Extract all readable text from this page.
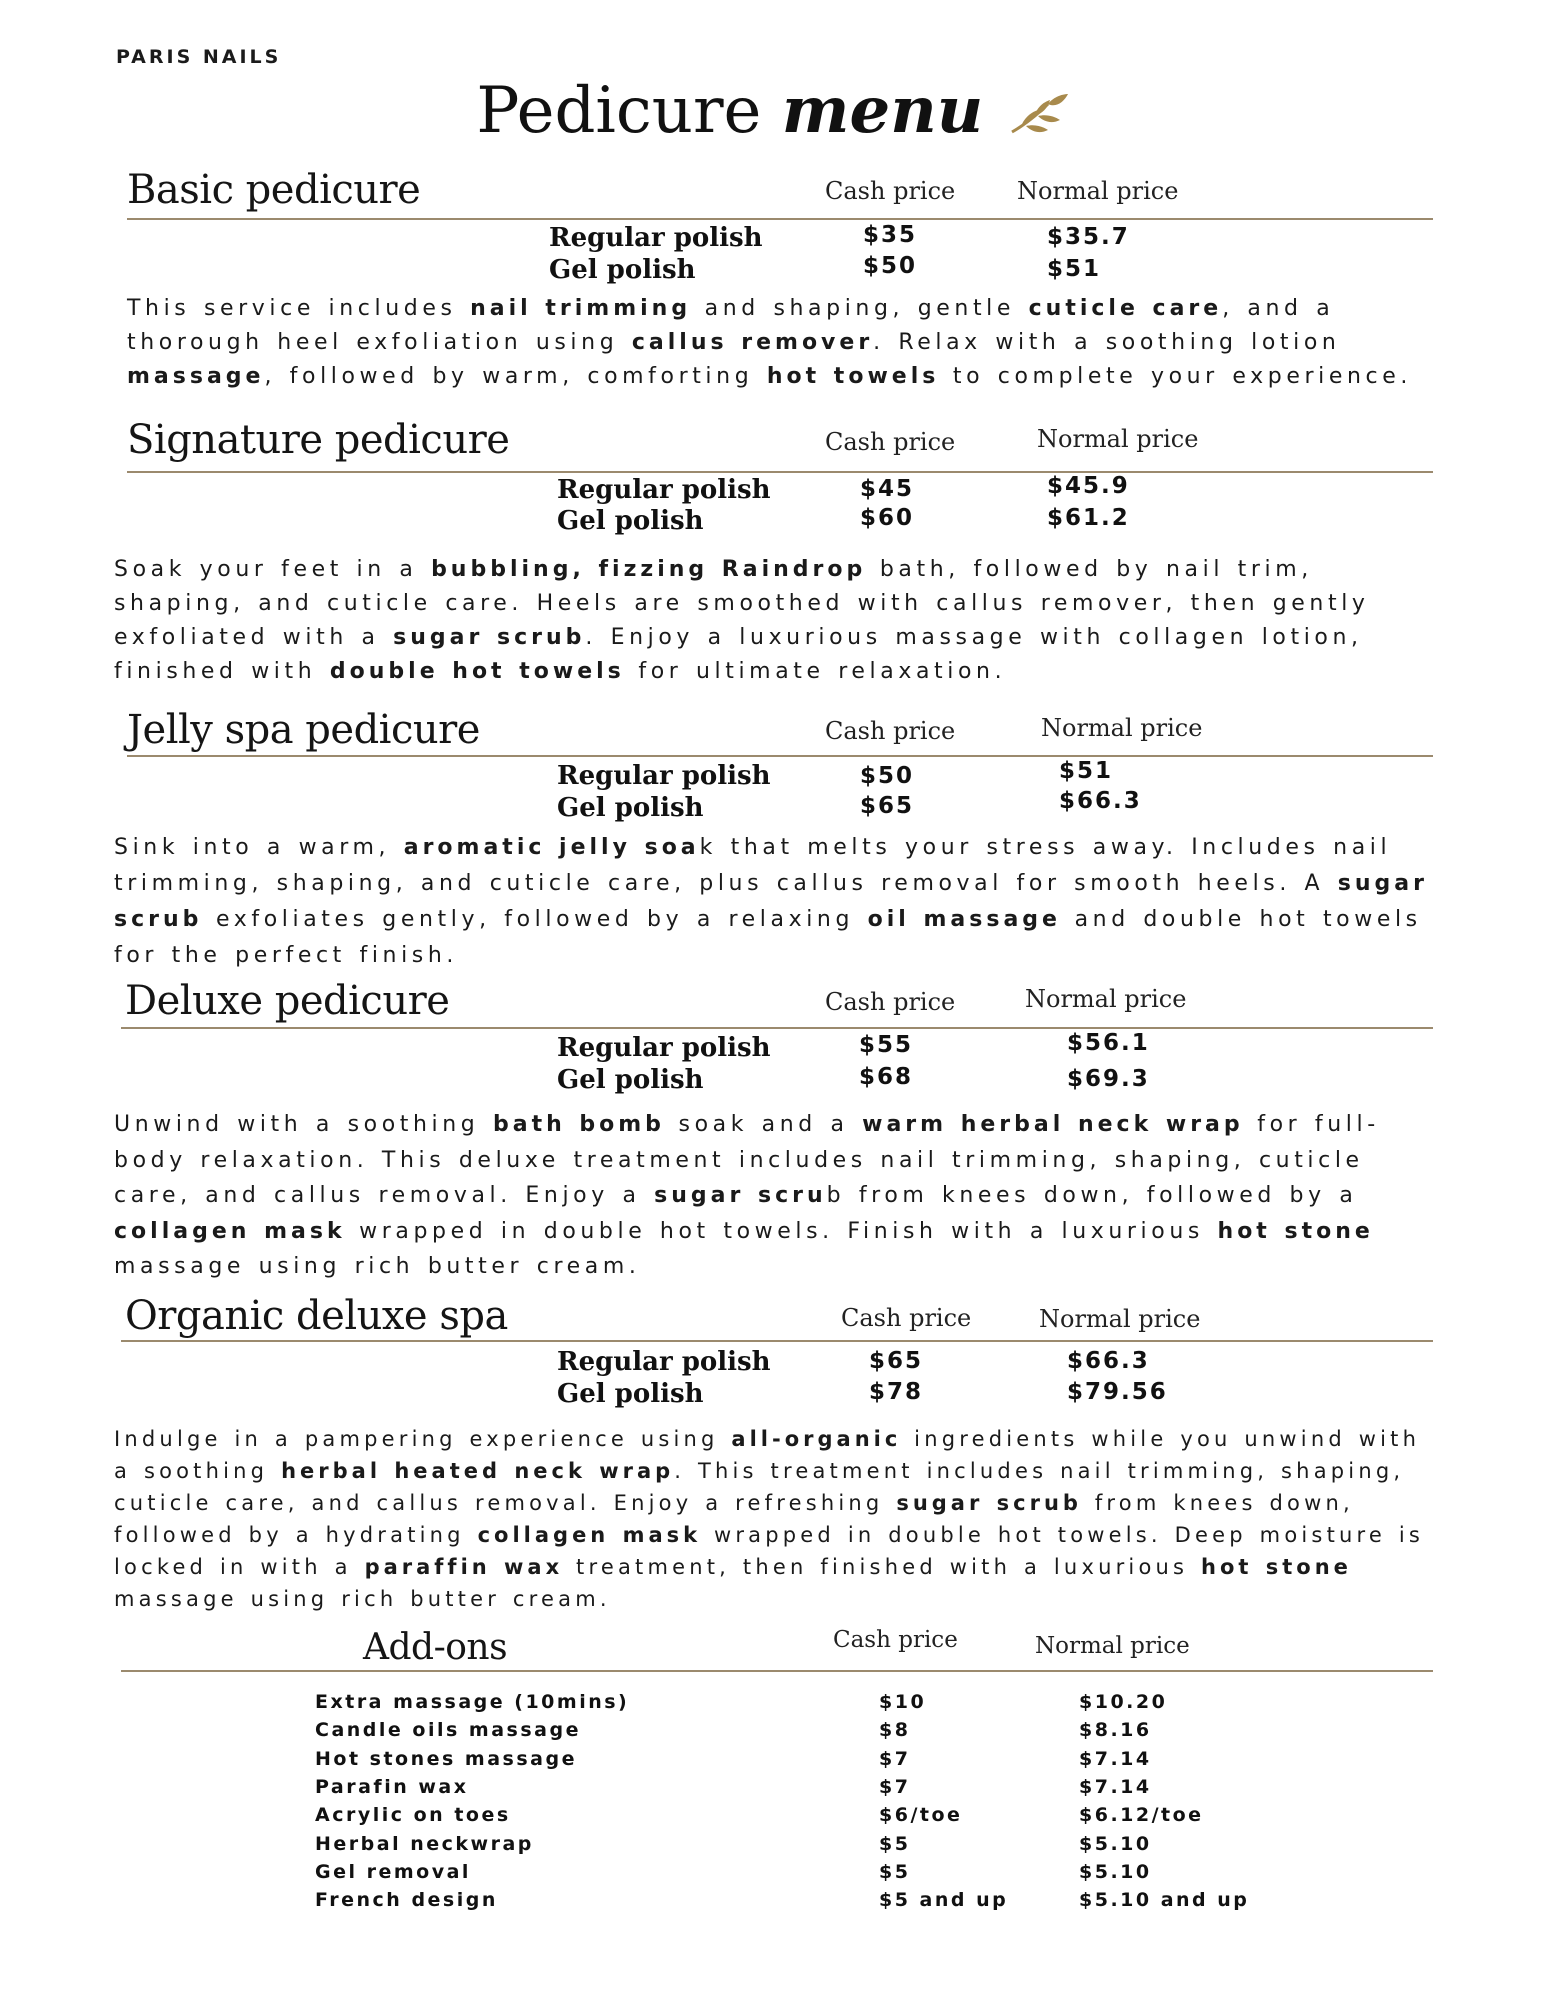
PARIS NAILS
Pedicure menu
Basic pedicure	Cash price	Normal price
Regular polish	$35	$35.7
Gel polish	$50	$51
This service includes nail trimming and shaping, gentle cuticle care, and a thorough heel exfoliation using callus remover. Relax with a soothing lotion massage, followed by warm, comforting hot towels to complete your experience.
Signature pedicure	Cash price	Normal price
Regular polish	$45	$45.9
Gel polish	$60	$61.2
Soak your feet in a bubbling, fizzing Raindrop bath, followed by nail trim, shaping, and cuticle care. Heels are smoothed with callus remover, then gently exfoliated with a sugar scrub. Enjoy a luxurious massage with collagen lotion, finished with double hot towels for ultimate relaxation.
Jelly spa pedicure	Cash price	Normal price
Regular polish	$50	$51
Gel polish	$65	$66.3
Sink into a warm, aromatic jelly soak that melts your stress away. Includes nail trimming, shaping, and cuticle care, plus callus removal for smooth heels. A sugar scrub exfoliates gently, followed by a relaxing oil massage and double hot towels for the perfect finish.
Deluxe pedicure	Cash price	Normal price
Regular polish	$55	$56.1
Gel polish	$68	$69.3
Unwind with a soothing bath bomb soak and a warm herbal neck wrap for full-body relaxation. This deluxe treatment includes nail trimming, shaping, cuticle care, and callus removal. Enjoy a sugar scrub from knees down, followed by a collagen mask wrapped in double hot towels. Finish with a luxurious hot stone massage using rich butter cream.
Organic deluxe spa	Cash price	Normal price
Regular polish	$65	$66.3
Gel polish	$78	$79.56
Indulge in a pampering experience using all-organic ingredients while you unwind with a soothing herbal heated neck wrap. This treatment includes nail trimming, shaping, cuticle care, and callus removal. Enjoy a refreshing sugar scrub from knees down, followed by a hydrating collagen mask wrapped in double hot towels. Deep moisture is locked in with a paraffin wax treatment, then finished with a luxurious hot stone massage using rich butter cream.
Add-ons	Cash price	Normal price
Extra massage (10mins)	$10	$10.20
Candle oils massage	$8	$8.16
Hot stones massage	$7	$7.14
Parafin wax	$7	$7.14
Acrylic on toes	$6/toe	$6.12/toe
Herbal neckwrap	$5	$5.10
Gel removal	$5	$5.10
French design	$5 and up	$5.10 and up
